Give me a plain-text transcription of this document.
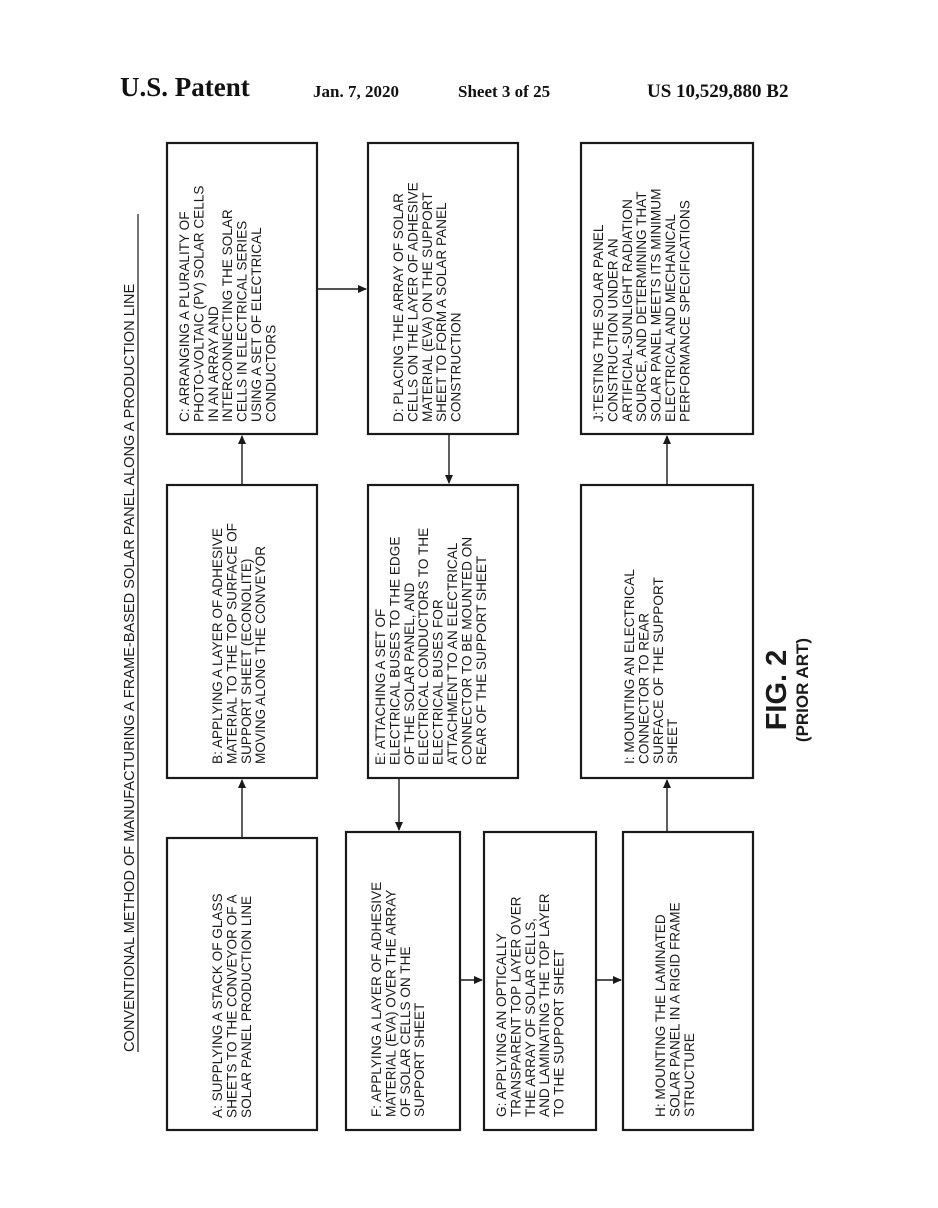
U.S. Patent	Jan. 7, 2020	Sheet 3 of 25	US 10,529,880 B2
CONVENTIONAL METHOD OF MANUFACTURING A FRAME-BASED SOLAR PANEL ALONG A PRODUCTION LINE	A: SUPPLYING A STACK OF GLASS SHEETS TO THE CONVEYOR OF A SOLAR PANEL PRODUCTION LINE
B: APPLYING A LAYER OF ADHESIVE MATERIAL TO THE TOP SURFACE OF SUPPORT SHEET (ECONOLITE) MOVING ALONG THE CONVEYOR
C: ARRANGING A PLURALITY OF PHOTO-VOLTAIC (PV) SOLAR CELLS IN AN ARRAY AND INTERCONNECTING THE SOLAR CELLS IN ELECTRICAL SERIES USING A SET OF ELECTRICAL CONDUCTORS	D: PLACING THE ARRAY OF SOLAR CELLS ON THE LAYER OF ADHESIVE MATERIAL (EVA) ON THE SUPPORT SHEET TO FORM A SOLAR PANEL CONSTRUCTION
E: ATTACHING A SET OF ELECTRICAL BUSES TO THE EDGE OF THE SOLAR PANEL, AND ELECTRICAL CONDUCTORS TO THE ELECTRICAL BUSES FOR ATTACHMENT TO AN ELECTRICAL CONNECTOR TO BE MOUNTED ON REAR OF THE SUPPORT SHEET
F: APPLYING A LAYER OF ADHESIVE MATERIAL (EVA) OVER THE ARRAY OF SOLAR CELLS ON THE SUPPORT SHEET	G: APPLYING AN OPTICALLY TRANSPARENT TOP LAYER OVER THE ARRAY OF SOLAR CELLS, AND LAMINATING THE TOP LAYER TO THE SUPPORT SHEET	H: MOUNTING THE LAMINATED SOLAR PANEL IN A RIGID FRAME STRUCTURE
I: MOUNTING AN ELECTRICAL CONNECTOR TO REAR SURFACE OF THE SUPPORT SHEET
J:TESTING THE SOLAR PANEL CONSTRUCTION UNDER AN ARTIFICIAL-SUNLIGHT RADIATION SOURCE, AND DETERMINING THAT SOLAR PANEL MEETS ITS MINIMUM ELECTRICAL AND MECHANICAL PERFORMANCE SPECIFICATIONS
FIG. 2 (PRIOR ART)
